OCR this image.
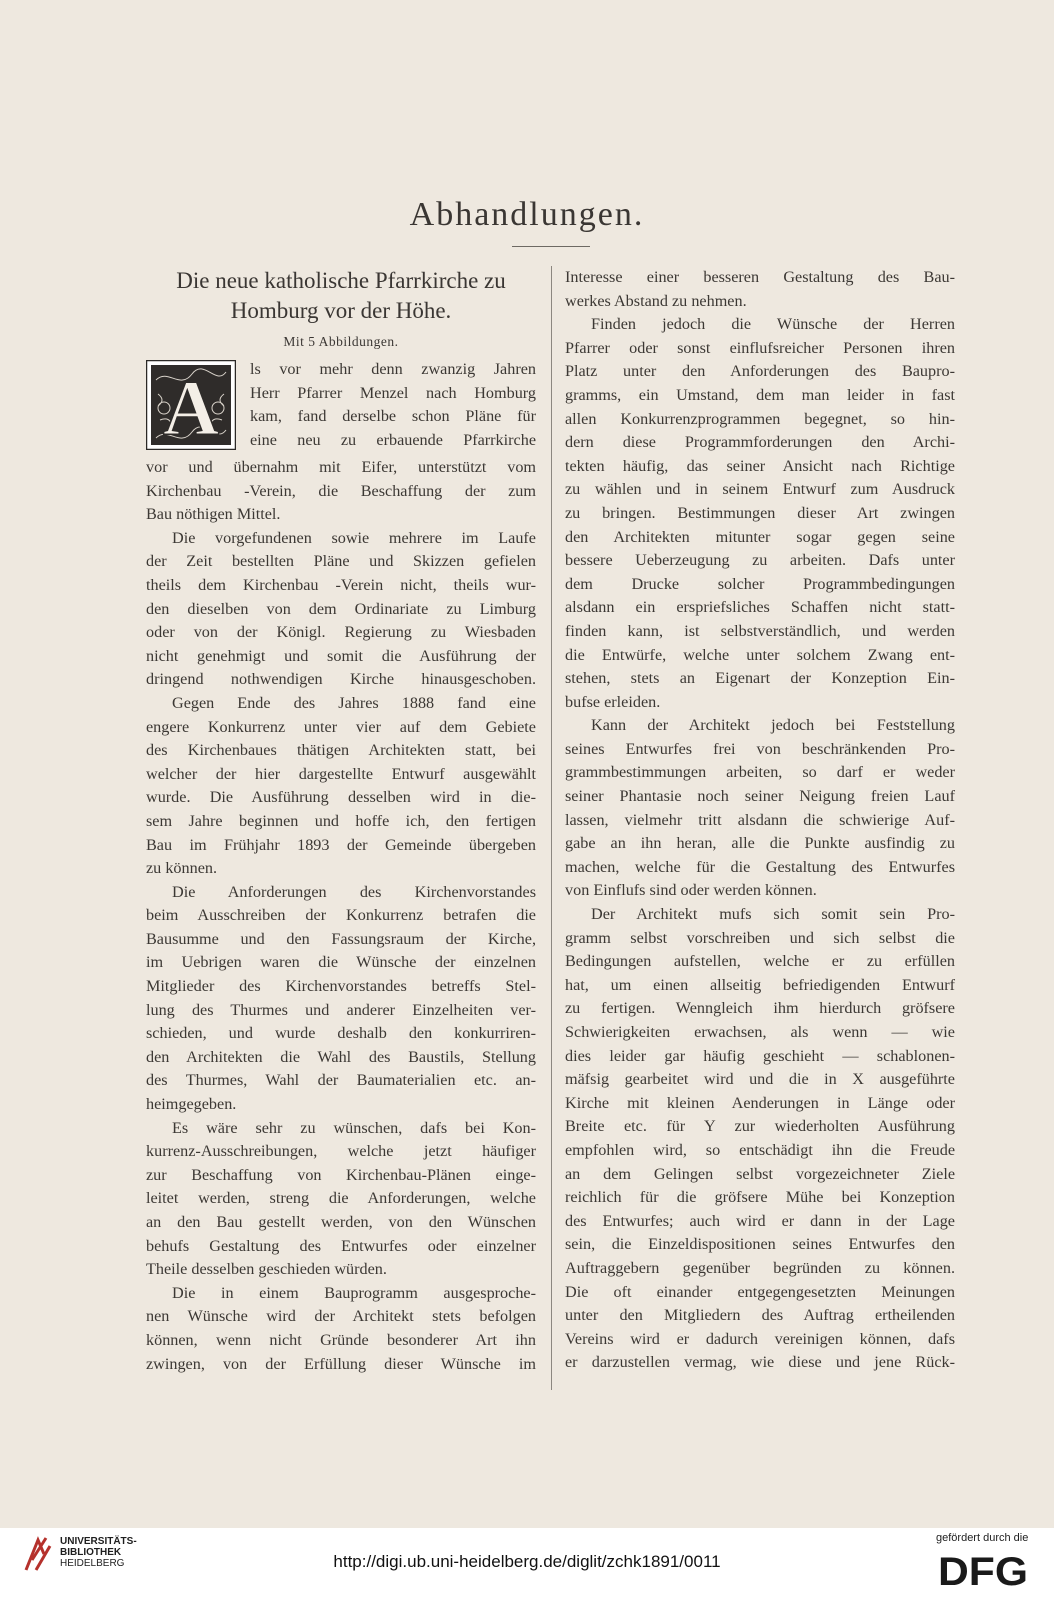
Abhandlungen.
Die neue katholische Pfarrkirche zu
Homburg vor der Höhe.
Mit 5 Abbildungen.
A ls vor mehr denn zwanzig Jahren
Herr Pfarrer Menzel nach Homburg
kam, fand derselbe schon Pläne für
eine neu zu erbauende Pfarrkirche
vor und übernahm mit Eifer, unterstützt vom
Kirchenbau -Verein, die Beschaffung der zum
Bau nöthigen Mittel.
Die vorgefundenen sowie mehrere im Laufe
der Zeit bestellten Pläne und Skizzen gefielen
theils dem Kirchenbau -Verein nicht, theils wur-
den dieselben von dem Ordinariate zu Limburg
oder von der Königl. Regierung zu Wiesbaden
nicht genehmigt und somit die Ausführung der
dringend nothwendigen Kirche hinausgeschoben.
Gegen Ende des Jahres 1888 fand eine
engere Konkurrenz unter vier auf dem Gebiete
des Kirchenbaues thätigen Architekten statt, bei
welcher der hier dargestellte Entwurf ausgewählt
wurde. Die Ausführung desselben wird in die-
sem Jahre beginnen und hoffe ich, den fertigen
Bau im Frühjahr 1893 der Gemeinde übergeben
zu können.
Die Anforderungen des Kirchenvorstandes
beim Ausschreiben der Konkurrenz betrafen die
Bausumme und den Fassungsraum der Kirche,
im Uebrigen waren die Wünsche der einzelnen
Mitglieder des Kirchenvorstandes betreffs Stel-
lung des Thurmes und anderer Einzelheiten ver-
schieden, und wurde deshalb den konkurriren-
den Architekten die Wahl des Baustils, Stellung
des Thurmes, Wahl der Baumaterialien etc. an-
heimgegeben.
Es wäre sehr zu wünschen, dafs bei Kon-
kurrenz-Ausschreibungen, welche jetzt häufiger
zur Beschaffung von Kirchenbau-Plänen einge-
leitet werden, streng die Anforderungen, welche
an den Bau gestellt werden, von den Wünschen
behufs Gestaltung des Entwurfes oder einzelner
Theile desselben geschieden würden.
Die in einem Bauprogramm ausgesproche-
nen Wünsche wird der Architekt stets befolgen
können, wenn nicht Gründe besonderer Art ihn
zwingen, von der Erfüllung dieser Wünsche im
Interesse einer besseren Gestaltung des Bau-
werkes Abstand zu nehmen.
Finden jedoch die Wünsche der Herren
Pfarrer oder sonst einflufsreicher Personen ihren
Platz unter den Anforderungen des Baupro-
gramms, ein Umstand, dem man leider in fast
allen Konkurrenzprogrammen begegnet, so hin-
dern diese Programmforderungen den Archi-
tekten häufig, das seiner Ansicht nach Richtige
zu wählen und in seinem Entwurf zum Ausdruck
zu bringen. Bestimmungen dieser Art zwingen
den Architekten mitunter sogar gegen seine
bessere Ueberzeugung zu arbeiten. Dafs unter
dem Drucke solcher Programmbedingungen
alsdann ein erspriefsliches Schaffen nicht statt-
finden kann, ist selbstverständlich, und werden
die Entwürfe, welche unter solchem Zwang ent-
stehen, stets an Eigenart der Konzeption Ein-
bufse erleiden.
Kann der Architekt jedoch bei Feststellung
seines Entwurfes frei von beschränkenden Pro-
grammbestimmungen arbeiten, so darf er weder
seiner Phantasie noch seiner Neigung freien Lauf
lassen, vielmehr tritt alsdann die schwierige Auf-
gabe an ihn heran, alle die Punkte ausfindig zu
machen, welche für die Gestaltung des Entwurfes
von Einflufs sind oder werden können.
Der Architekt mufs sich somit sein Pro-
gramm selbst vorschreiben und sich selbst die
Bedingungen aufstellen, welche er zu erfüllen
hat, um einen allseitig befriedigenden Entwurf
zu fertigen. Wenngleich ihm hierdurch gröfsere
Schwierigkeiten erwachsen, als wenn — wie
dies leider gar häufig geschieht — schablonen-
mäfsig gearbeitet wird und die in X ausgeführte
Kirche mit kleinen Aenderungen in Länge oder
Breite etc. für Y zur wiederholten Ausführung
empfohlen wird, so entschädigt ihn die Freude
an dem Gelingen selbst vorgezeichneter Ziele
reichlich für die gröfsere Mühe bei Konzeption
des Entwurfes; auch wird er dann in der Lage
sein, die Einzeldispositionen seines Entwurfes den
Auftraggebern gegenüber begründen zu können.
Die oft einander entgegengesetzten Meinungen
unter den Mitgliedern des Auftrag ertheilenden
Vereins wird er dadurch vereinigen können, dafs
er darzustellen vermag, wie diese und jene Rück-
UNIVERSITÄTS-
BIBLIOTHEK
HEIDELBERG	http://digi.ub.uni-heidelberg.de/diglit/zchk1891/0011
gefördert durch die
DFG
